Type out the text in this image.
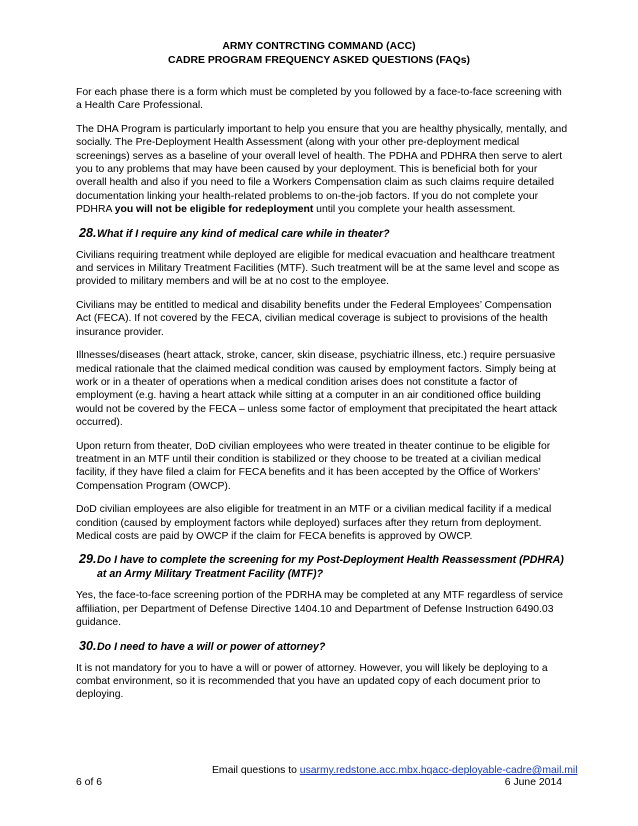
ARMY CONTRCTING COMMAND (ACC)
CADRE PROGRAM FREQUENCY ASKED QUESTIONS (FAQs)

For each phase there is a form which must be completed by you followed by a face-to-face screening with a Health Care Professional.

The DHA Program is particularly important to help you ensure that you are healthy physically, mentally, and socially. The Pre-Deployment Health Assessment (along with your other pre-deployment medical screenings) serves as a baseline of your overall level of health. The PDHA and PDHRA then serve to alert you to any problems that may have been caused by your deployment. This is beneficial both for your overall health and also if you need to file a Workers Compensation claim as such claims require detailed documentation linking your health-related problems to on-the-job factors. If you do not complete your PDHRA you will not be eligible for redeployment until you complete your health assessment.

28. What if I require any kind of medical care while in theater?

Civilians requiring treatment while deployed are eligible for medical evacuation and healthcare treatment and services in Military Treatment Facilities (MTF). Such treatment will be at the same level and scope as provided to military members and will be at no cost to the employee.

Civilians may be entitled to medical and disability benefits under the Federal Employees’ Compensation Act (FECA). If not covered by the FECA, civilian medical coverage is subject to provisions of the health insurance provider.

Illnesses/diseases (heart attack, stroke, cancer, skin disease, psychiatric illness, etc.) require persuasive medical rationale that the claimed medical condition was caused by employment factors. Simply being at work or in a theater of operations when a medical condition arises does not constitute a factor of employment (e.g. having a heart attack while sitting at a computer in an air conditioned office building would not be covered by the FECA – unless some factor of employment that precipitated the heart attack occurred).

Upon return from theater, DoD civilian employees who were treated in theater continue to be eligible for treatment in an MTF until their condition is stabilized or they choose to be treated at a civilian medical facility, if they have filed a claim for FECA benefits and it has been accepted by the Office of Workers’ Compensation Program (OWCP).

DoD civilian employees are also eligible for treatment in an MTF or a civilian medical facility if a medical condition (caused by employment factors while deployed) surfaces after they return from deployment. Medical costs are paid by OWCP if the claim for FECA benefits is approved by OWCP.

29. Do I have to complete the screening for my Post-Deployment Health Reassessment (PDHRA)
at an Army Military Treatment Facility (MTF)?

Yes, the face-to-face screening portion of the PDRHA may be completed at any MTF regardless of service affiliation, per Department of Defense Directive 1404.10 and Department of Defense Instruction 6490.03 guidance.

30. Do I need to have a will or power of attorney?

It is not mandatory for you to have a will or power of attorney. However, you will likely be deploying to a combat environment, so it is recommended that you have an updated copy of each document prior to deploying.

Email questions to usarmy.redstone.acc.mbx.hqacc-deployable-cadre@mail.mil
6 of 6	6 June 2014
